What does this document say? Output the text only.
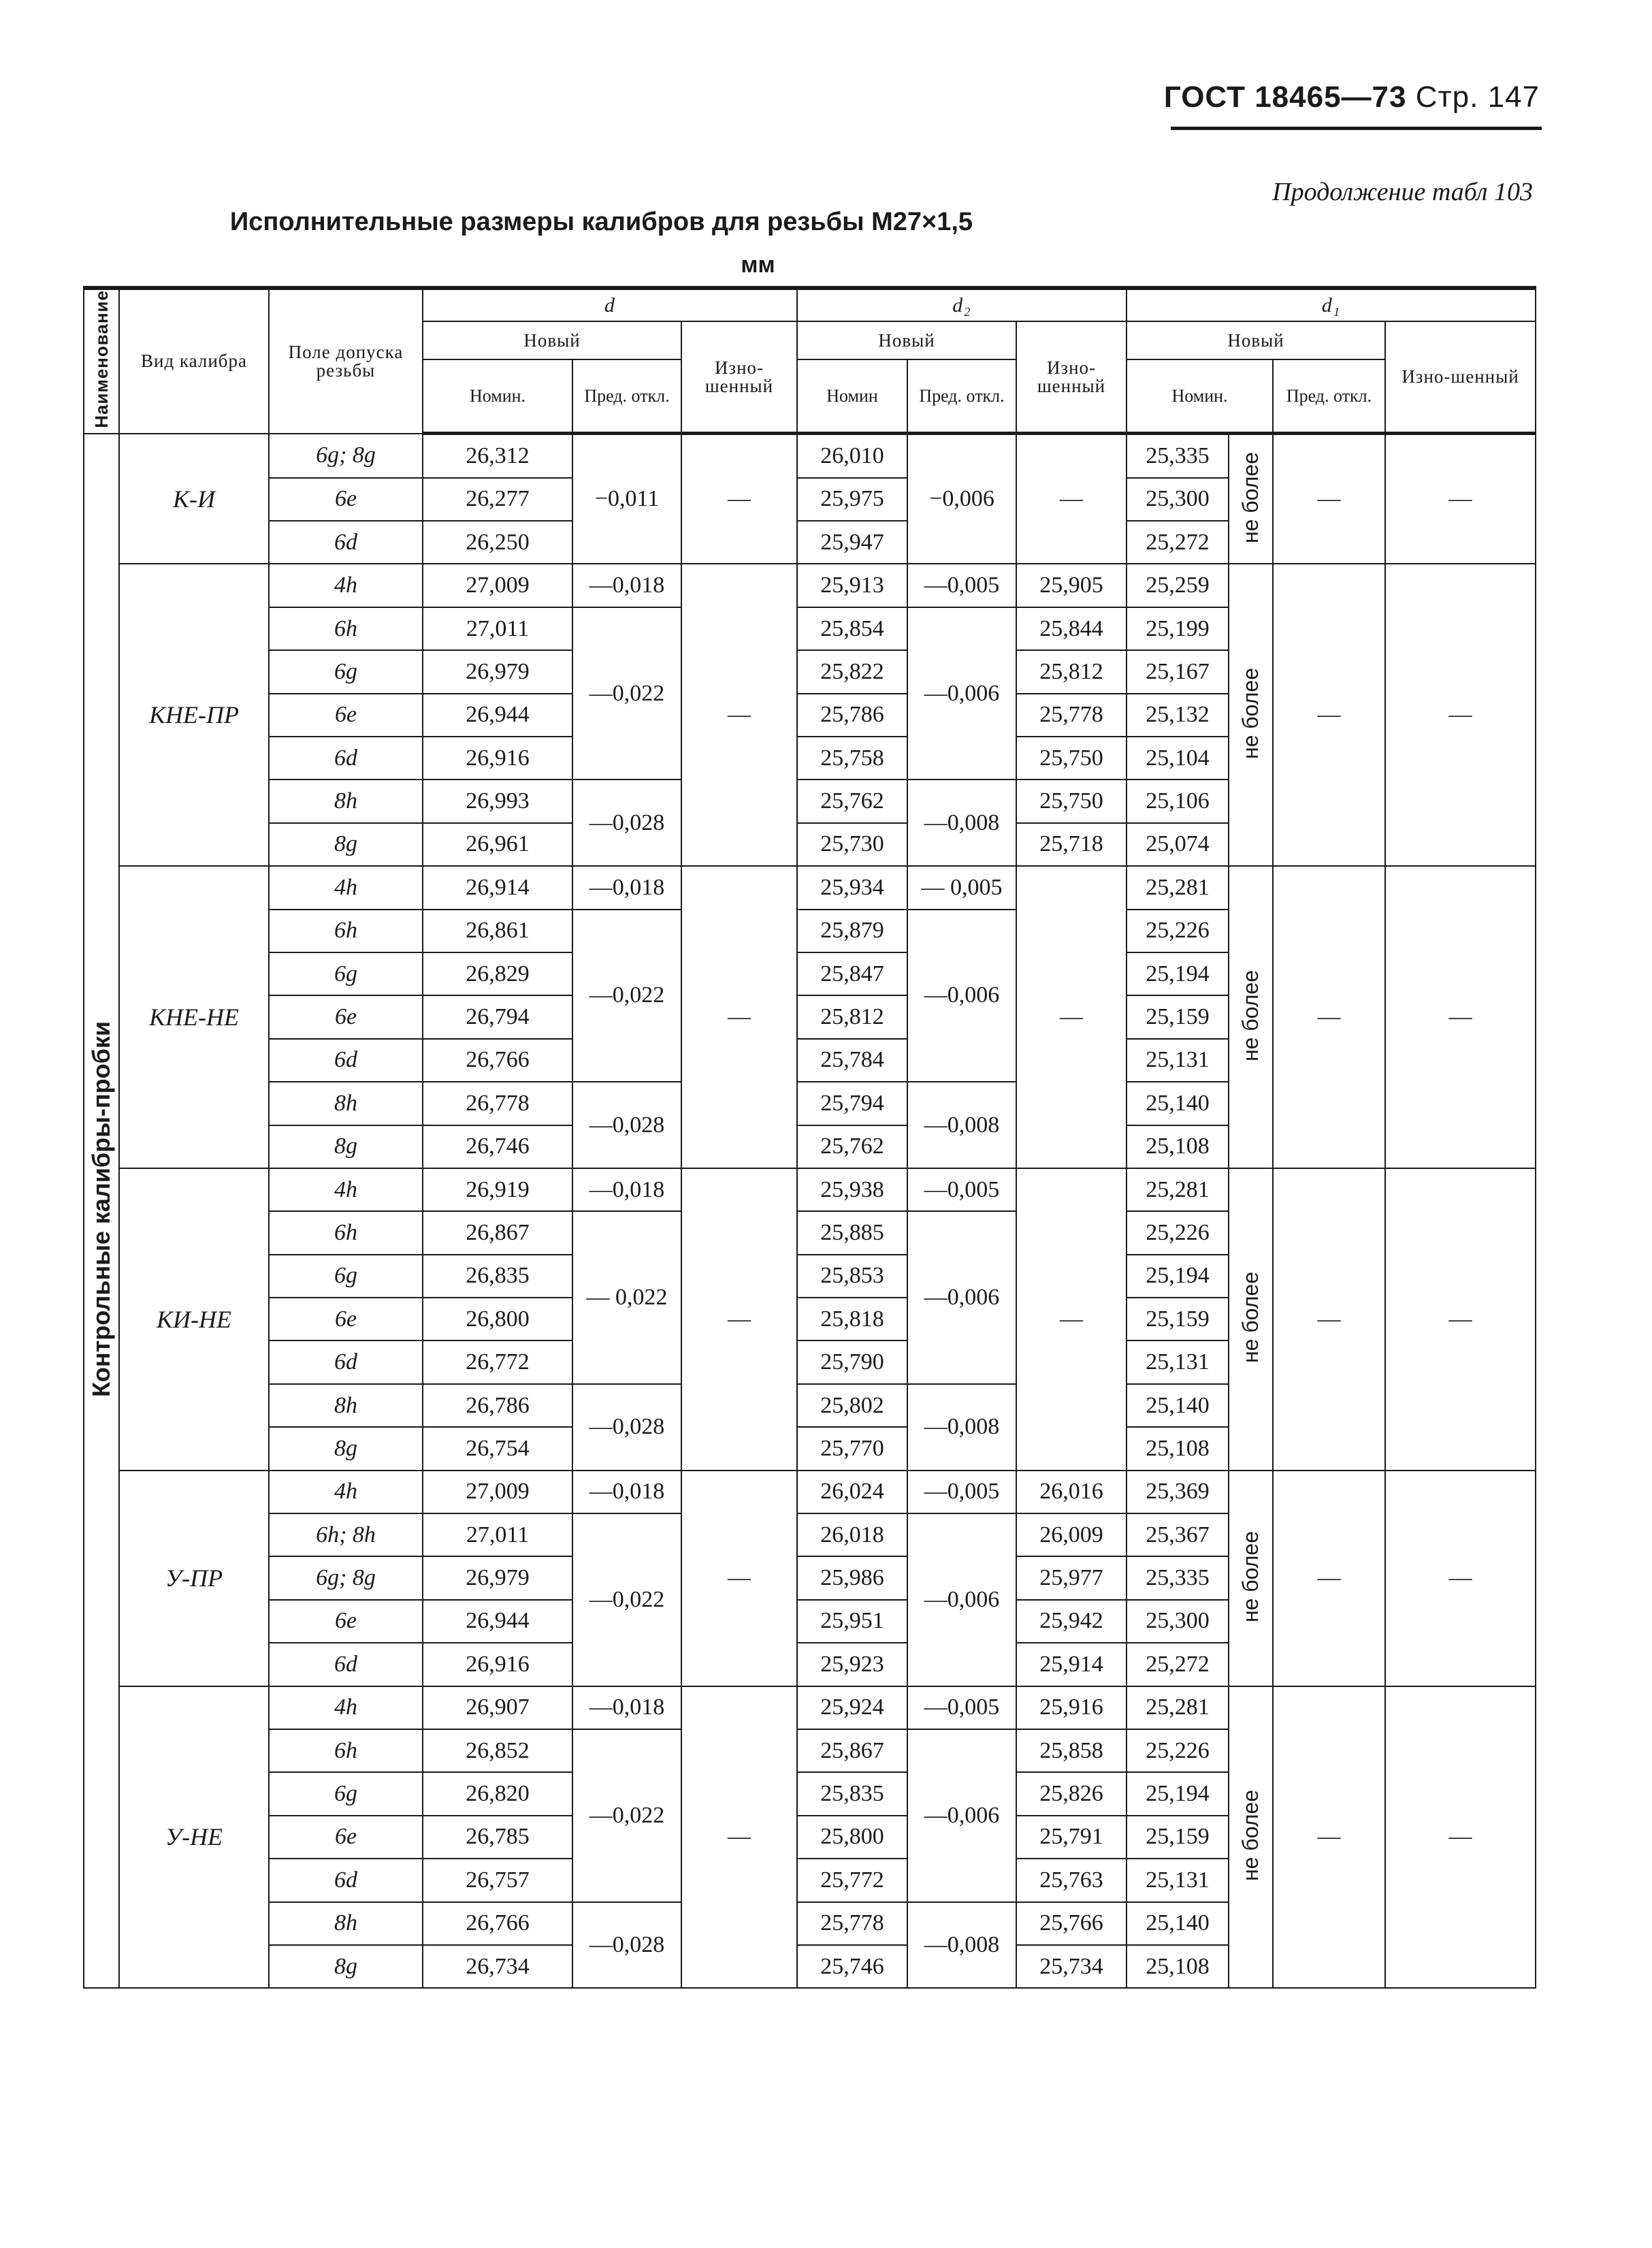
ГОСТ 18465—73 Стр. 147
Продолжение табл 103
Исполнительные размеры калибров для резьбы М27×1,5
мм
Наименование	Вид калибра	Поле допуска резьбы	d			d₂			d₁			
			Новый		Изно-шенный	Новый		Изно-шенный	Новый			Изно-шенный
			Номин.	Пред. откл.		Номин	Пред. откл.		Номин.		Пред. откл.	
Контрольные калибры-пробки	К-И	6g; 8g	26,312	−0,011	—	26,010	−0,006	—	25,335	не более	—	—
		6e	26,277			25,975			25,300			
		6d	26,250			25,947			25,272			
	КНЕ-ПР	4h	27,009	—0,018	—	25,913	—0,005	25,905	25,259	не более	—	—
		6h	27,011	—0,022		25,854	—0,006	25,844	25,199			
		6g	26,979			25,822		25,812	25,167			
		6e	26,944			25,786		25,778	25,132			
		6d	26,916			25,758		25,750	25,104			
		8h	26,993	—0,028		25,762	—0,008	25,750	25,106			
		8g	26,961			25,730		25,718	25,074			
	КНЕ-НЕ	4h	26,914	—0,018	—	25,934	— 0,005	—	25,281	не более	—	—
		6h	26,861	—0,022		25,879	—0,006		25,226			
		6g	26,829			25,847			25,194			
		6e	26,794			25,812			25,159			
		6d	26,766			25,784			25,131			
		8h	26,778	—0,028		25,794	—0,008		25,140			
		8g	26,746			25,762			25,108			
	КИ-НЕ	4h	26,919	—0,018	—	25,938	—0,005	—	25,281	не более	—	—
		6h	26,867	— 0,022		25,885	—0,006		25,226			
		6g	26,835			25,853			25,194			
		6e	26,800			25,818			25,159			
		6d	26,772			25,790			25,131			
		8h	26,786	—0,028		25,802	—0,008		25,140			
		8g	26,754			25,770			25,108			
	У-ПР	4h	27,009	—0,018	—	26,024	—0,005	26,016	25,369	не более	—	—
		6h; 8h	27,011	—0,022		26,018	—0,006	26,009	25,367			
		6g; 8g	26,979			25,986		25,977	25,335			
		6e	26,944			25,951		25,942	25,300			
		6d	26,916			25,923		25,914	25,272			
	У-НЕ	4h	26,907	—0,018	—	25,924	—0,005	25,916	25,281	не более	—	—
		6h	26,852	—0,022		25,867	—0,006	25,858	25,226			
		6g	26,820			25,835		25,826	25,194			
		6e	26,785			25,800		25,791	25,159			
		6d	26,757			25,772		25,763	25,131			
		8h	26,766	—0,028		25,778	—0,008	25,766	25,140			
		8g	26,734			25,746		25,734	25,108			
